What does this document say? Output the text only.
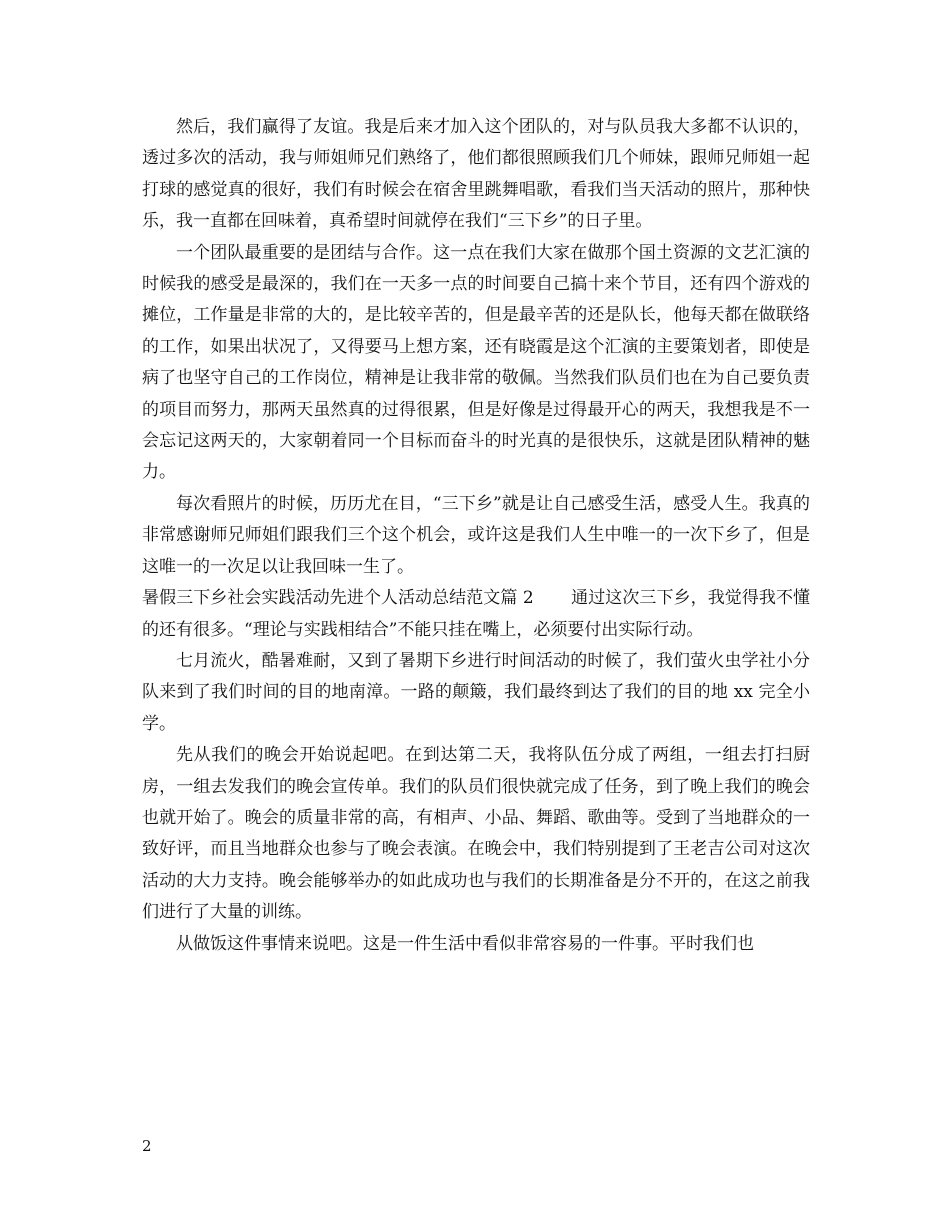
然后，我们赢得了友谊。我是后来才加入这个团队的，对与队员我大多都不认识的，透过多次的活动，我与师姐师兄们熟络了，他们都很照顾我们几个师妹，跟师兄师姐一起打球的感觉真的很好，我们有时候会在宿舍里跳舞唱歌，看我们当天活动的照片，那种快乐，我一直都在回味着，真希望时间就停在我们“三下乡”的日子里。

一个团队最重要的是团结与合作。这一点在我们大家在做那个国土资源的文艺汇演的时候我的感受是最深的，我们在一天多一点的时间要自己搞十来个节目，还有四个游戏的摊位，工作量是非常的大的，是比较辛苦的，但是最辛苦的还是队长，他每天都在做联络的工作，如果出状况了，又得要马上想方案，还有晓霞是这个汇演的主要策划者，即使是病了也坚守自己的工作岗位，精神是让我非常的敬佩。当然我们队员们也在为自己要负责的项目而努力，那两天虽然真的过得很累，但是好像是过得最开心的两天，我想我是不一会忘记这两天的，大家朝着同一个目标而奋斗的时光真的是很快乐，这就是团队精神的魅力。

每次看照片的时候，历历尤在目，“三下乡”就是让自己感受生活，感受人生。我真的非常感谢师兄师姐们跟我们三个这个机会，或许这是我们人生中唯一的一次下乡了，但是这唯一的一次足以让我回味一生了。

暑假三下乡社会实践活动先进个人活动总结范文篇 2 通过这次三下乡，我觉得我不懂的还有很多。“理论与实践相结合”不能只挂在嘴上，必须要付出实际行动。

七月流火，酷暑难耐，又到了暑期下乡进行时间活动的时候了，我们萤火虫学社小分队来到了我们时间的目的地南漳。一路的颠簸，我们最终到达了我们的目的地 xx 完全小学。

先从我们的晚会开始说起吧。在到达第二天，我将队伍分成了两组，一组去打扫厨房，一组去发我们的晚会宣传单。我们的队员们很快就完成了任务，到了晚上我们的晚会也就开始了。晚会的质量非常的高，有相声、小品、舞蹈、歌曲等。受到了当地群众的一致好评，而且当地群众也参与了晚会表演。在晚会中，我们特别提到了王老吉公司对这次活动的大力支持。晚会能够举办的如此成功也与我们的长期准备是分不开的，在这之前我们进行了大量的训练。

从做饭这件事情来说吧。这是一件生活中看似非常容易的一件事。平时我们也

2
